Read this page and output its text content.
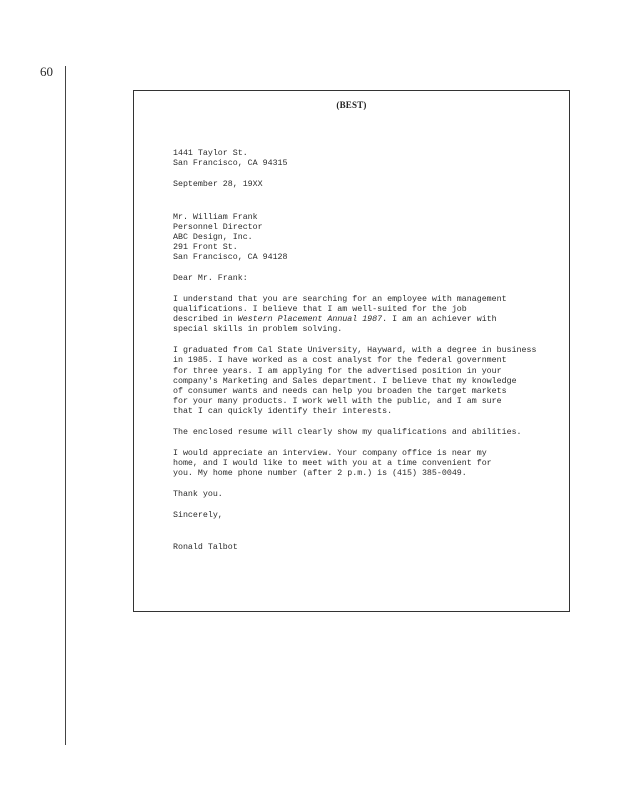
60
(BEST)

1441 Taylor St.
San Francisco, CA 94315

September 28, 19XX

Mr. William Frank
Personnel Director
ABC Design, Inc.
291 Front St.
San Francisco, CA 94128

Dear Mr. Frank:

I understand that you are searching for an employee with management
qualifications. I believe that I am well-suited for the job
described in Western Placement Annual 1987. I am an achiever with
special skills in problem solving.

I graduated from Cal State University, Hayward, with a degree in business
in 1985. I have worked as a cost analyst for the federal government
for three years. I am applying for the advertised position in your
company's Marketing and Sales department. I believe that my knowledge
of consumer wants and needs can help you broaden the target markets
for your many products. I work well with the public, and I am sure
that I can quickly identify their interests.

The enclosed resume will clearly show my qualifications and abilities.

I would appreciate an interview. Your company office is near my
home, and I would like to meet with you at a time convenient for
you. My home phone number (after 2 p.m.) is (415) 385-0049.

Thank you.

Sincerely,

Ronald Talbot
